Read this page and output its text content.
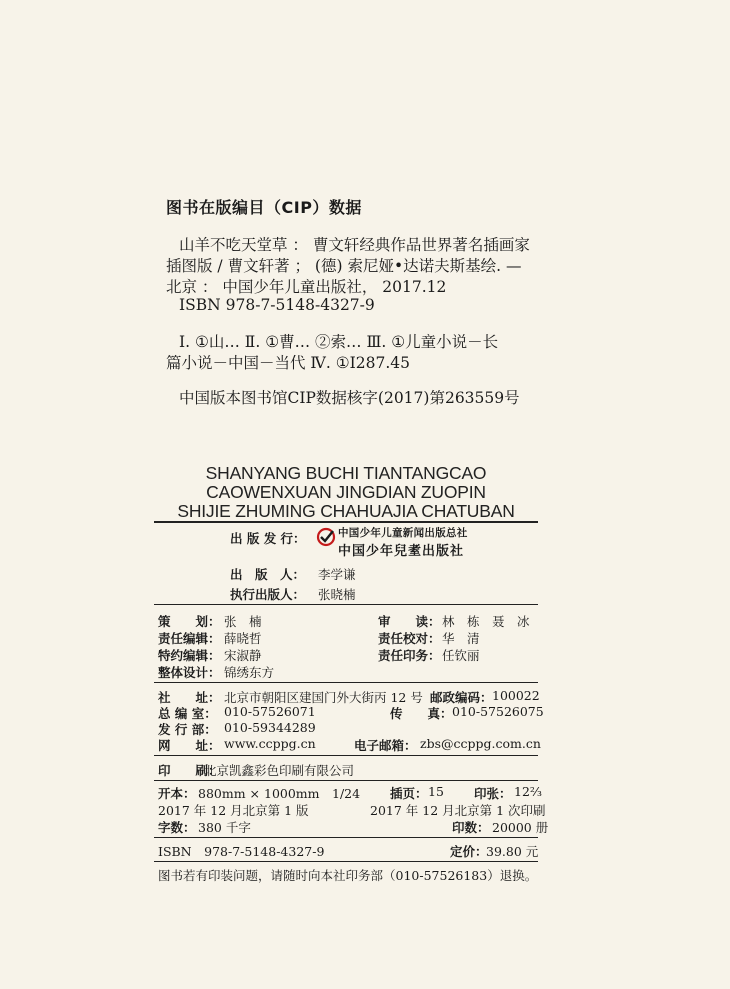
图书在版编目（CIP）数据
山羊不吃天堂草 ： 曹文轩经典作品世界著名插画家
插图版 / 曹文轩著 ； (德) 索尼娅•达诺夫斯基绘. —
北京 ： 中国少年儿童出版社， 2017.12
ISBN 978-7-5148-4327-9
Ⅰ. ①山… Ⅱ. ①曹… ②索… Ⅲ. ①儿童小说－长
篇小说－中国－当代 Ⅳ. ①I287.45
中国版本图书馆CIP数据核字(2017)第263559号
SHANYANG BUCHI TIANTANGCAO
CAOWENXUAN JINGDIAN ZUOPIN
SHIJIE ZHUMING CHAHUAJIA CHATUBAN
出 版 发 行：	中国少年儿童新闻出版总社
中国少年兒耊出版社
出　版　人： 李学谦
执行出版人： 张晓楠
策　　划： 张　楠	审　　读： 林　栋　聂　冰
责任编辑： 薛晓哲	责任校对： 华　清
特约编辑： 宋淑静	责任印务： 任钦丽
整体设计： 锦绣东方
社　　址： 北京市朝阳区建国门外大街丙 12 号 邮政编码： 100022
总 编 室： 010-57526071	传　　真： 010-57526075
发 行 部： 010-59344289
网　　址： www.ccppg.cn	电子邮箱： zbs@ccppg.com.cn
印　　刷：
北京凯鑫彩色印刷有限公司
开本： 880mm × 1000mm　1/24 插页： 15 印张： 12⅔
2017 年 12 月北京第 1 版	2017 年 12 月北京第 1 次印刷
字数： 380 千字	印数： 20000 册
ISBN　978-7-5148-4327-9	定价：
39.80 元
图书若有印装问题，请随时向本社印务部（010-57526183）退换。
